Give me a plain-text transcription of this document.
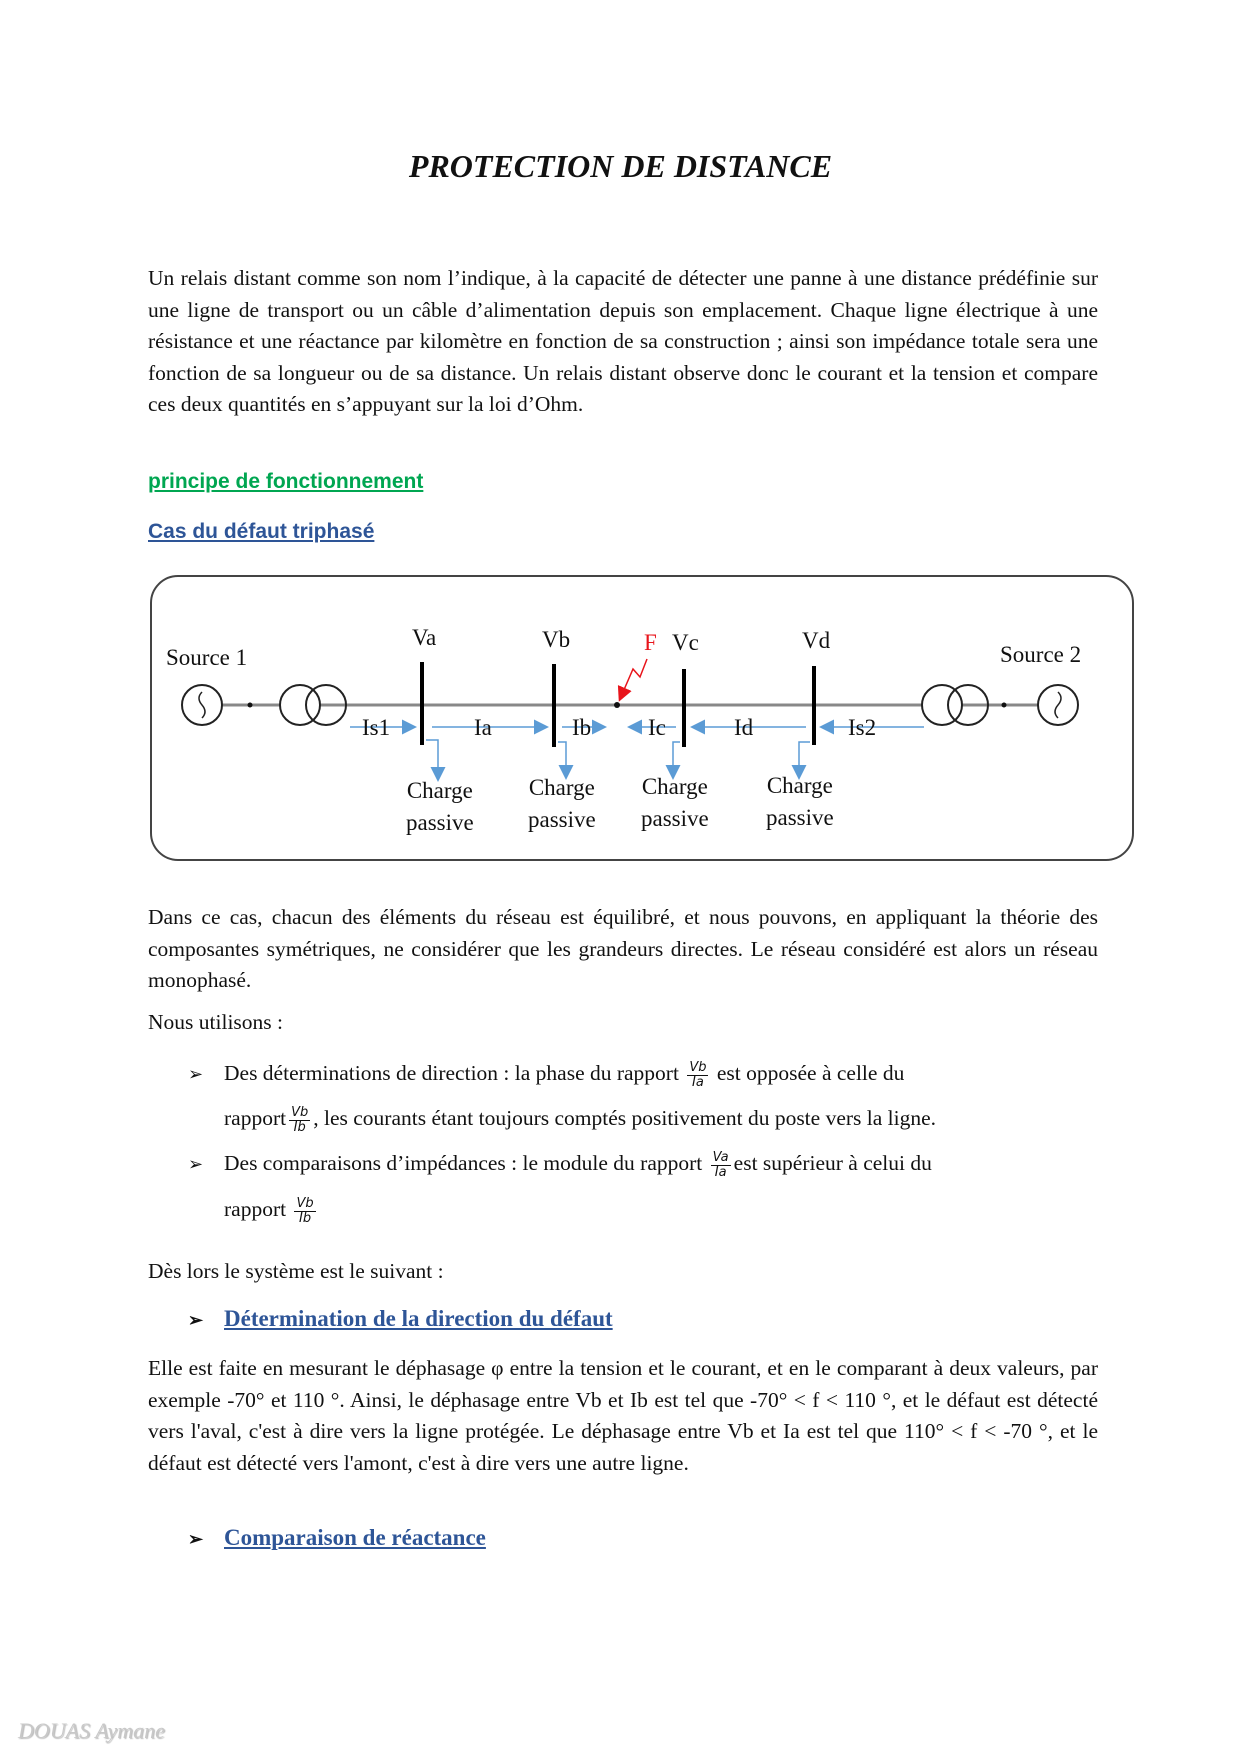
PROTECTION DE DISTANCE
Un relais distant comme son nom l’indique, à la capacité de détecter une panne à une distance prédéfinie sur une ligne de transport ou un câble d’alimentation depuis son emplacement. Chaque ligne électrique à une résistance et une réactance par kilomètre en fonction de sa construction ; ainsi son impédance totale sera une fonction de sa longueur ou de sa distance. Un relais distant observe donc le courant et la tension et compare ces deux quantités en s’appuyant sur la loi d’Ohm.
principe de fonctionnement
Cas du défaut triphasé
Source 1	Source 2
Va	Vb	Vc	Vd
F
Is1	Ia	Ib Ic	Id	Is2
Charge
passive
Charge
passive
Charge
passive
Charge
passive
Dans ce cas, chacun des éléments du réseau est équilibré, et nous pouvons, en appliquant la théorie des composantes symétriques, ne considérer que les grandeurs directes. Le réseau considéré est alors un réseau monophasé.
Nous utilisons :
➢ Des déterminations de direction : la phase du rapport $\frac{Vb}{Ia}$ est opposée à celle du
rapport $\frac{Vb}{Ib}$ , les courants étant toujours comptés positivement du poste vers la ligne.
➢ Des comparaisons d’impédances : le module du rapport $\frac{Va}{Ia}$ est supérieur à celui du
rapport $\frac{Vb}{Ib}$
Dès lors le système est le suivant :
➢ Détermination de la direction du défaut
Elle est faite en mesurant le déphasage φ entre la tension et le courant, et en le comparant à deux valeurs, par exemple -70° et 110 °. Ainsi, le déphasage entre Vb et Ib est tel que -70° < f < 110 °, et le défaut est détecté vers l'aval, c'est à dire vers la ligne protégée. Le déphasage entre Vb et Ia est tel que 110° < f < -70 °, et le défaut est détecté vers l'amont, c'est à dire vers une autre ligne.
➢ Comparaison de réactance
DOUAS Aymane
